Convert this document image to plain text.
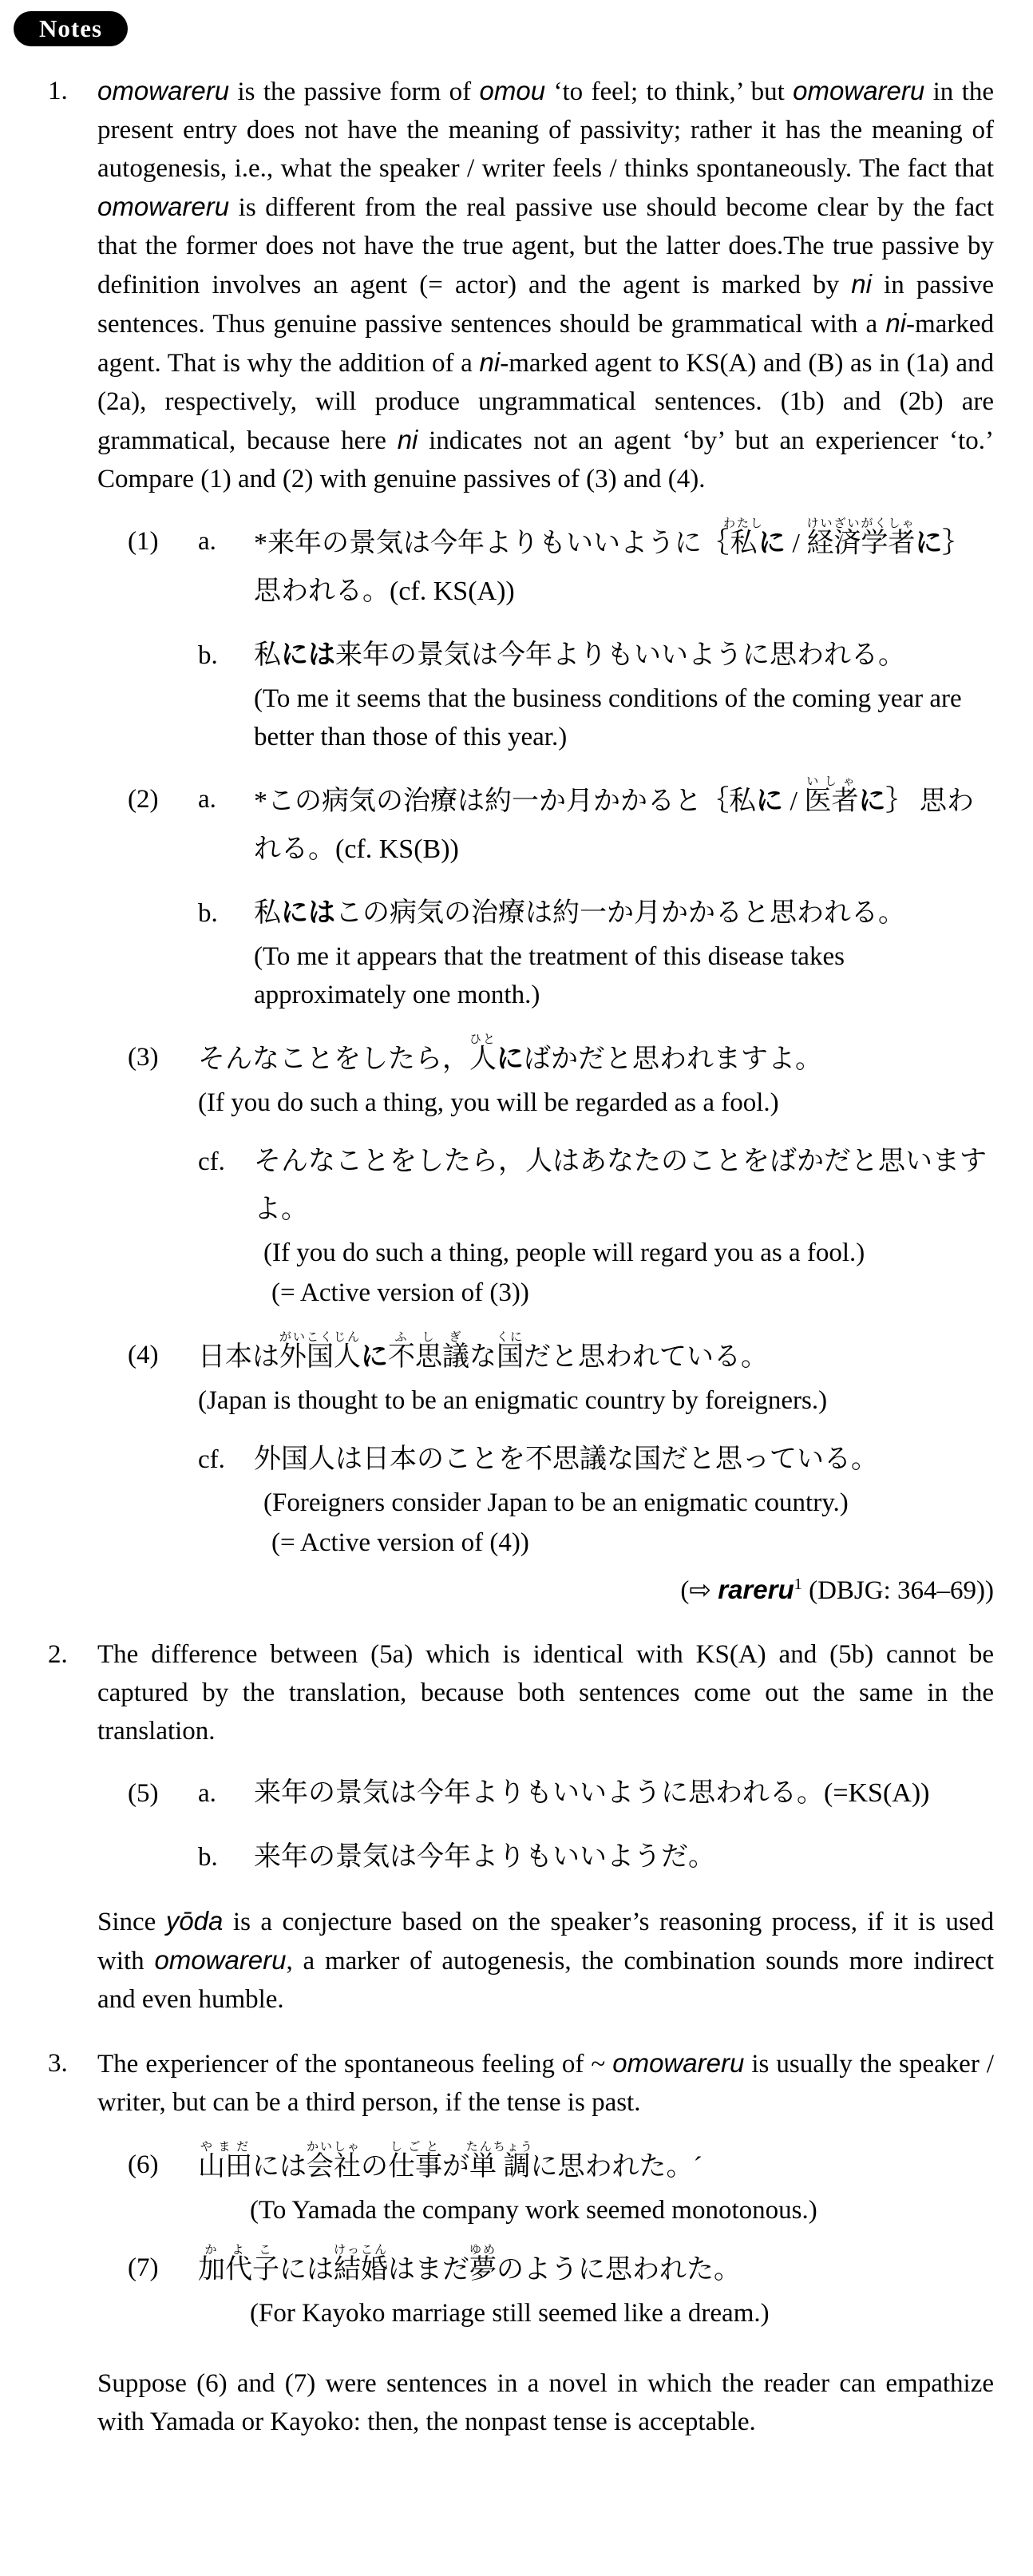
Notes
1.	omowareru is the passive form of omou ‘to feel; to think,’ but omowareru in the present entry does not have the meaning of passivity; rather it has the meaning of autogenesis, i.e., what the speaker / writer feels / thinks spontaneously. The fact that omowareru is different from the real passive use should become clear by the fact that the former does not have the true agent, but the latter does.The true passive by definition involves an agent (= actor) and the agent is marked by ni in passive sentences. Thus genuine passive sentences should be grammatical with a ni-marked agent. That is why the addition of a ni-marked agent to KS(A) and (B) as in (1a) and (2a), respectively, will produce ungrammatical sentences. (1b) and (2b) are grammatical, because here ni indicates not an agent ‘by’ but an experiencer ‘to.’ Compare (1) and (2) with genuine passives of (3) and (4).
(1)	a.	*来年の景気は今年よりもいいように｛私わたしに / 経済学者けいざいがくしゃに｝思われる。(cf. KS(A))
b.	私には来年の景気は今年よりもいいように思われる。
(To me it seems that the business conditions of the coming year are better than those of this year.)
(2)	a.	*この病気の治療は約一か月かかると｛私に / 医者いしゃに｝ 思われる。(cf. KS(B))
b.	私にはこの病気の治療は約一か月かかると思われる。
(To me it appears that the treatment of this disease takes approximately one month.)
(3)	そんなことをしたら，人ひとにばかだと思われますよ。
(If you do such a thing, you will be regarded as a fool.)
cf.	そんなことをしたら，人はあなたのことをばかだと思いますよ。
(If you do such a thing, people will regard you as a fool.)
(= Active version of (3))
(4)	日本は外国人がいこくじんに不思議ふしぎな国くにだと思われている。
(Japan is thought to be an enigmatic country by foreigners.)
cf.	外国人は日本のことを不思議な国だと思っている。
(Foreigners consider Japan to be an enigmatic country.)
(= Active version of (4))
(⇨ rareru$^1$ (DBJG: 364–69))
2.	The difference between (5a) which is identical with KS(A) and (5b) cannot be captured by the translation, because both sentences come out the same in the translation.
(5)	a.	来年の景気は今年よりもいいように思われる。(=KS(A))
b.	来年の景気は今年よりもいいようだ。
Since yōda is a conjecture based on the speaker’s reasoning process, if it is used with omowareru, a marker of autogenesis, the combination sounds more indirect and even humble.
3.	The experiencer of the spontaneous feeling of ~ omowareru is usually the speaker / writer, but can be a third person, if the tense is past.
(6)	山田やまだには会社かいしゃの仕事しごとが単調たんちょうに思われた。´
(To Yamada the company work seemed monotonous.)
(7)	加代子かよこには結婚けっこんはまだ夢ゆめのように思われた。
(For Kayoko marriage still seemed like a dream.)
Suppose (6) and (7) were sentences in a novel in which the reader can empathize with Yamada or Kayoko: then, the nonpast tense is acceptable.
